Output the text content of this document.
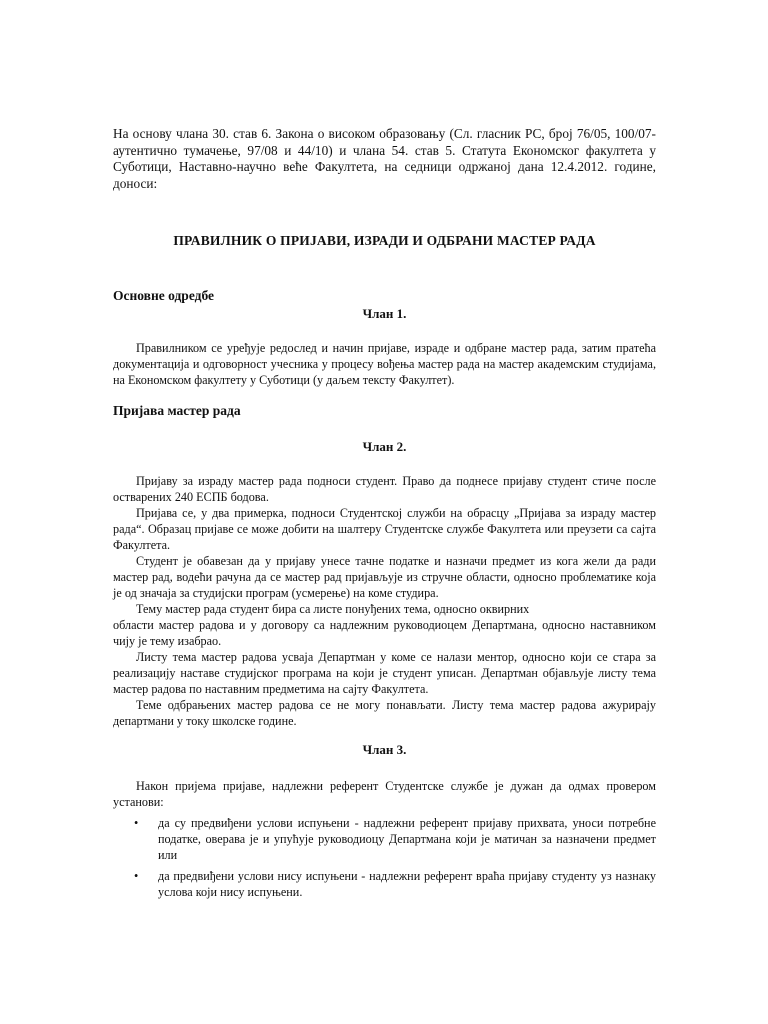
На основу члана 30. став 6. Закона о високом образовању (Сл. гласник РС, број 76/05, 100/07-аутентично тумачење, 97/08 и 44/10) и члана 54. став 5. Статута Економског факултета у Суботици, Наставно-научно веће Факултета, на седници одржаној дана 12.4.2012. године, доноси:

ПРАВИЛНИК О ПРИЈАВИ, ИЗРАДИ И ОДБРАНИ МАСТЕР РАДА
Основне одредбе
Члан 1.

Правилником се уређује редослед и начин пријаве, израде и одбране мастер рада, затим пратећа документација и одговорност учесника у процесу вођења мастер рада на мастер академским студијама, на Економском факултету у Суботици (у даљем тексту Факултет).

Пријава мастер рада
Члан 2.

Пријаву за израду мастер рада подноси студент. Право да поднесе пријаву студент стиче после остварених 240 ЕСПБ бодова.

Пријава се, у два примерка, подноси Студентској служби на обрасцу „Пријава за израду мастер рада“. Образац пријаве се може добити на шалтеру Студентске службе Факултета или преузети са сајта Факултета.

Студент је обавезан да у пријаву унесе тачне податке и назначи предмет из кога жели да ради мастер рад, водећи рачуна да се мастер рад пријављује из стручне области, односно проблематике која је од значаја за студијски програм (усмерење) на коме студира.

Тему мастер рада студент бира са листе понуђених тема, односно оквирних

области мастер радова и у договору са надлежним руководиоцем Департмана, односно наставником чију је тему изабрао.

Листу тема мастер радова усваја Департман у коме се налази ментор, односно који се стара за реализацију наставе студијског програма на који је студент уписан. Департман објављује листу тема мастер радова по наставним предметима на сајту Факултета.

Теме одбрањених мастер радова се не могу понављати. Листу тема мастер радова ажурирају департмани у току школске године.

Члан 3.

Након пријема пријаве, надлежни референт Студентске службе је дужан да одмах провером установи:

• да су предвиђени услови испуњени - надлежни референт пријаву прихвата, уноси потребне податке, оверава је и упућује руководиоцу Департмана који је матичан за назначени предмет или
• да предвиђени услови нису испуњени - надлежни референт враћа пријаву студенту уз назнаку услова који нису испуњени.
